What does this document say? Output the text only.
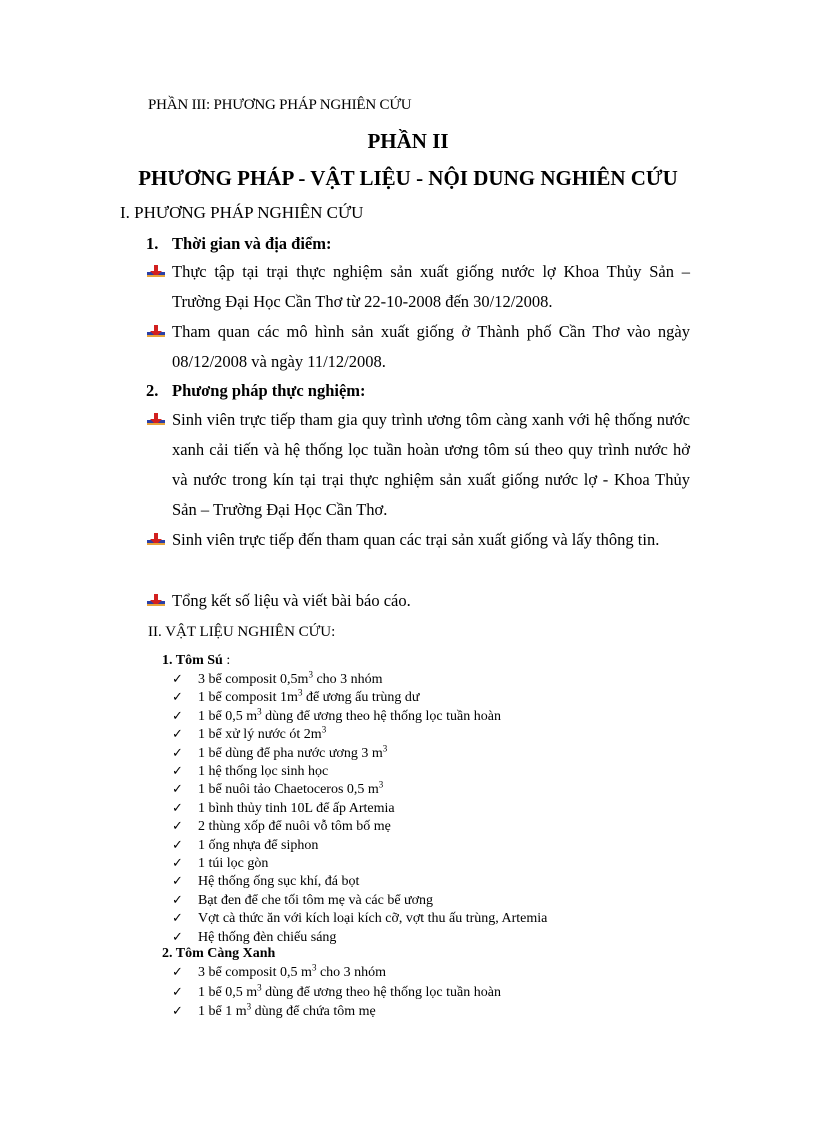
PHẦN III: PHƯƠNG PHÁP NGHIÊN CỨU
PHẦN II
PHƯƠNG PHÁP - VẬT LIỆU - NỘI DUNG NGHIÊN CỨU
I. PHƯƠNG PHÁP NGHIÊN CỨU
1. Thời gian và địa điểm:
Thực tập tại trại thực nghiệm sản xuất giống nước lợ Khoa Thủy Sản – Trường Đại Học Cần Thơ từ 22-10-2008 đến 30/12/2008.
Tham quan các mô hình sản xuất giống ở Thành phố Cần Thơ vào ngày 08/12/2008 và ngày 11/12/2008.
2. Phương pháp thực nghiệm:
Sinh viên trực tiếp tham gia quy trình ương tôm càng xanh với hệ thống nước xanh cải tiến và hệ thống lọc tuần hoàn ương tôm sú theo quy trình nước hở và nước trong kín tại trại thực nghiệm sản xuất giống nước lợ - Khoa Thủy Sản – Trường Đại Học Cần Thơ.
Sinh viên trực tiếp đến tham quan các trại sản xuất giống và lấy thông tin.
Tổng kết số liệu và viết bài báo cáo.
II. VẬT LIỆU NGHIÊN CỨU:
1. Tôm Sú :
✓ 3 bể composit $0,5m^3$ cho 3 nhóm
✓ 1 bể composit $1m^3$ để ương ấu trùng dư
✓ 1 bể 0,5 $m^3$ dùng để ương theo hệ thống lọc tuần hoàn
✓ 1 bể xử lý nước ót $2m^3$
✓ 1 bể dùng để pha nước ương 3 $m^3$
✓ 1 hệ thống lọc sinh học
✓ 1 bể nuôi tảo Chaetoceros 0,5 $m^3$
✓ 1 bình thủy tinh 10L để ấp Artemia
✓ 2 thùng xốp để nuôi vỗ tôm bố mẹ
✓ 1 ống nhựa để siphon
✓ 1 túi lọc gòn
✓ Hệ thống ống sục khí, đá bọt
✓ Bạt đen để che tối tôm mẹ và các bể ương
✓ Vợt cà thức ăn với kích loại kích cỡ, vợt thu ấu trùng, Artemia
✓ Hệ thống đèn chiếu sáng
2. Tôm Càng Xanh
✓ 3 bể composit 0,5 $m^3$ cho 3 nhóm
✓ 1 bể 0,5 $m^3$ dùng để ương theo hệ thống lọc tuần hoàn
✓ 1 bể 1 $m^3$ dùng để chứa tôm mẹ
